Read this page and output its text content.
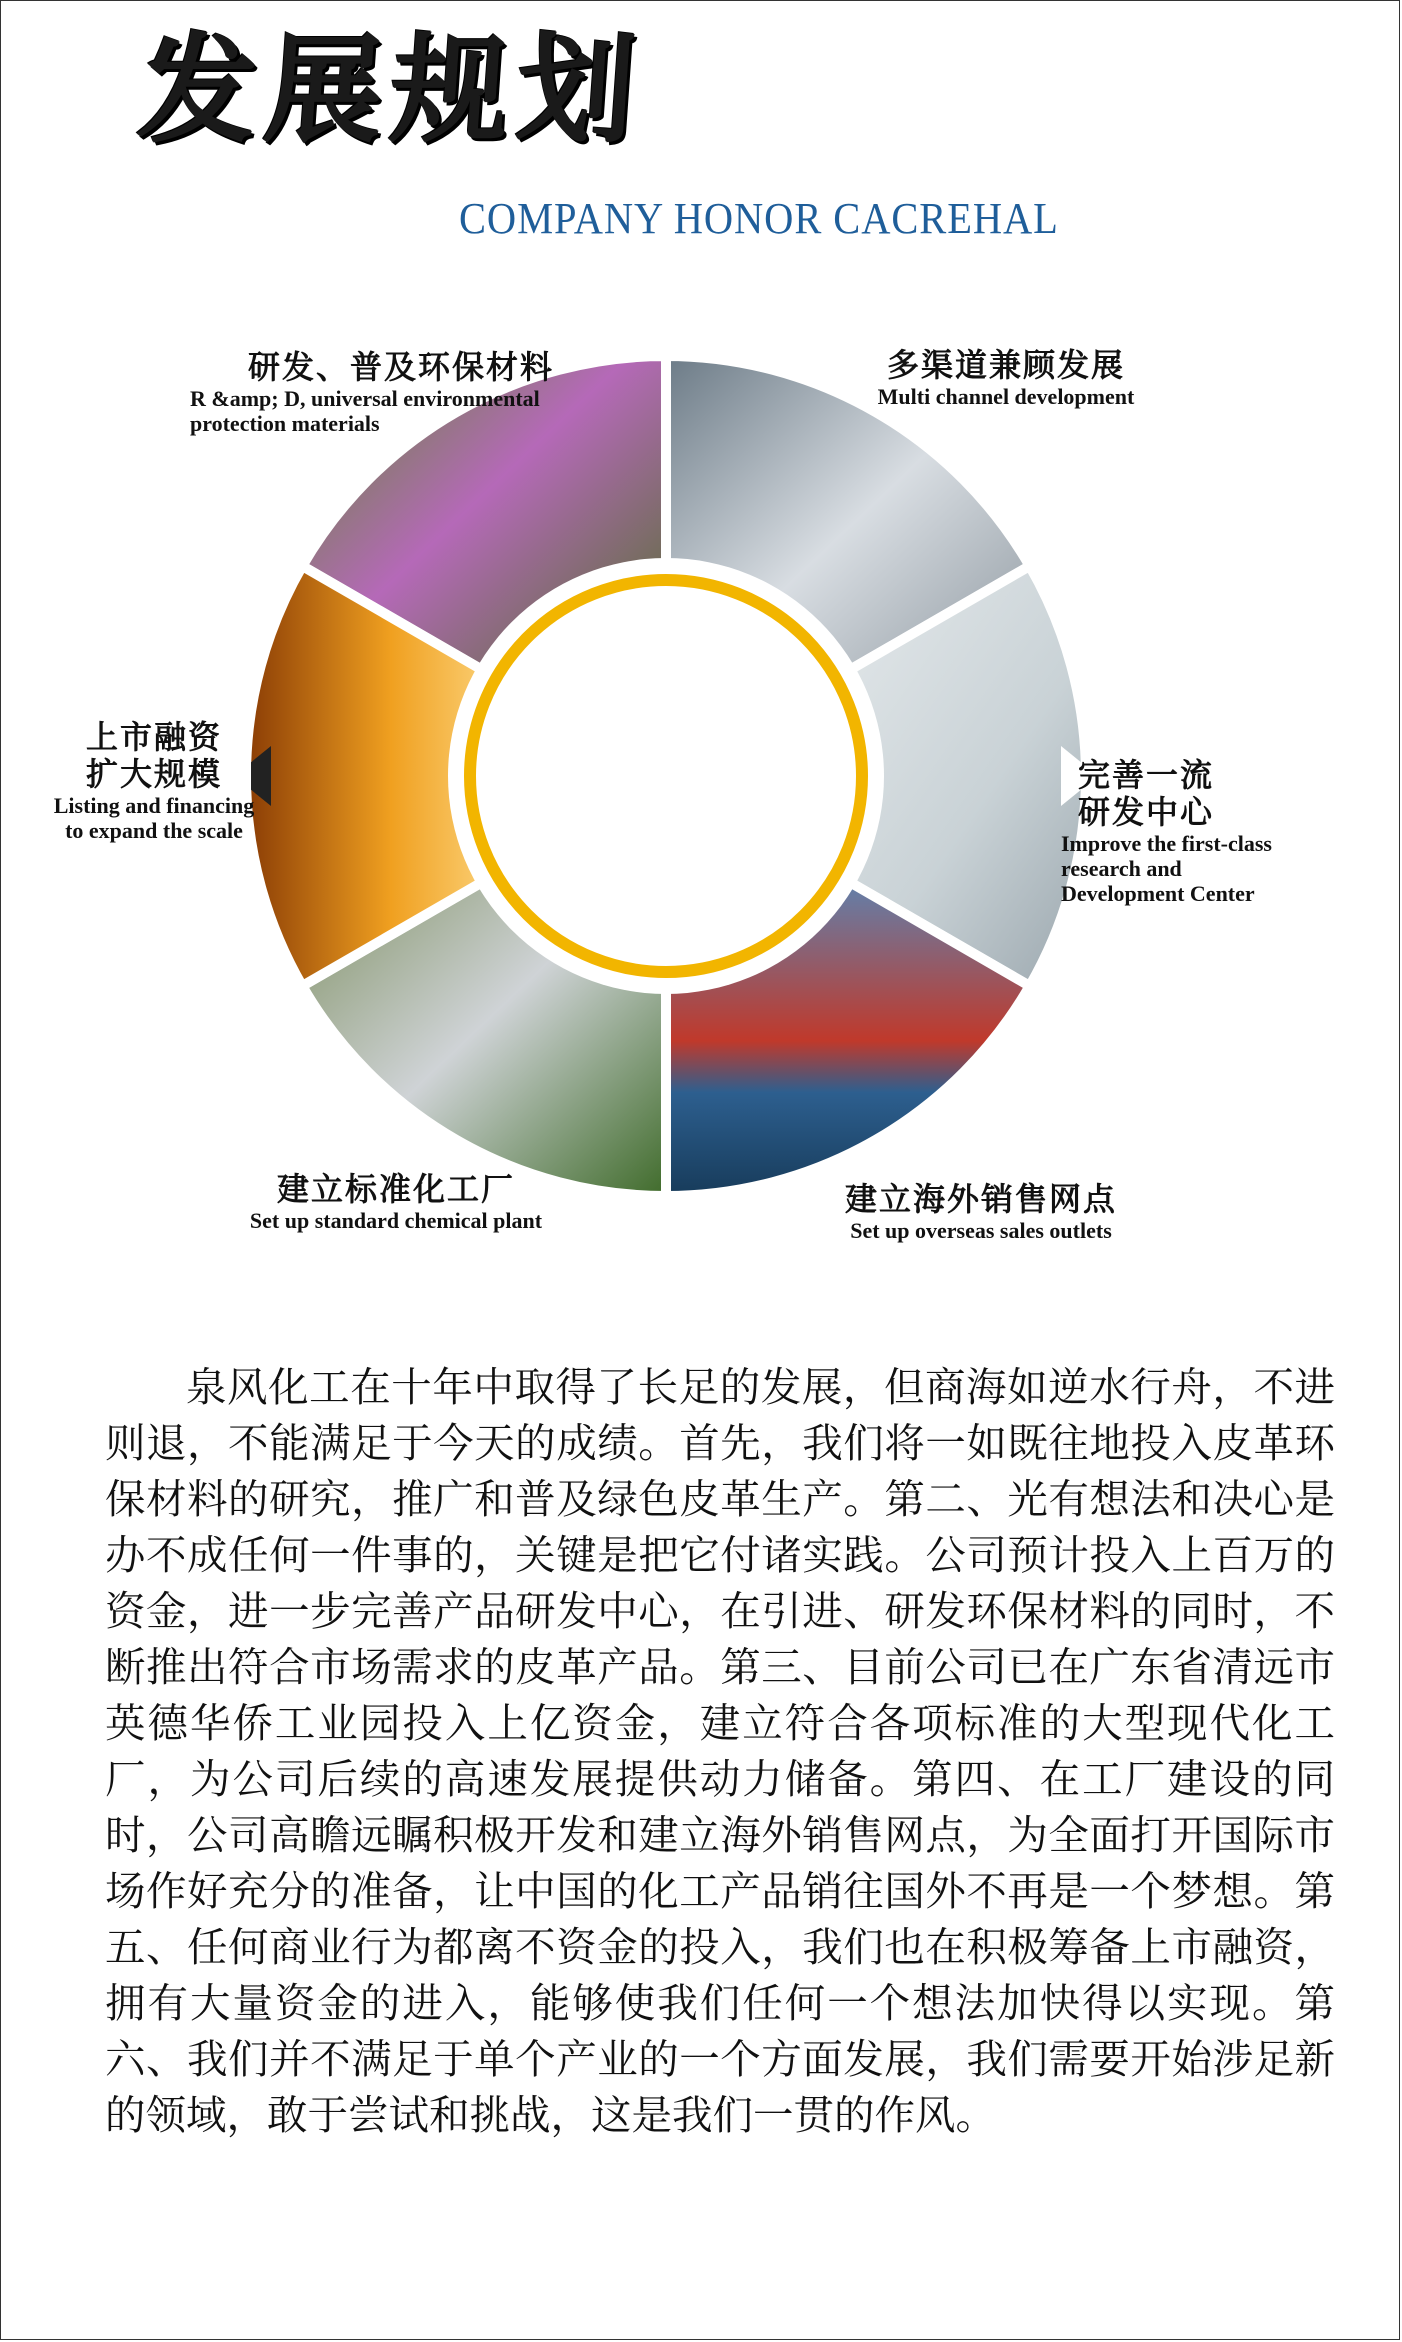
发展规划
COMPANY HONOR CACREHAL
研发、普及环保材料
R &amp; D, universal environmental protection materials
多渠道兼顾发展
Multi channel development
上市融资
扩大规模
Listing and financing
to expand the scale
完善一流
研发中心
Improve the first-class
research and
Development Center
建立标准化工厂
Set up standard chemical plant
建立海外销售网点
Set up overseas sales outlets
泉风化工在十年中取得了长足的发展，但商海如逆水行舟，不进则退，不能满足于今天的成绩。首先，我们将一如既往地投入皮革环保材料的研究，推广和普及绿色皮革生产。第二、光有想法和决心是办不成任何一件事的，关键是把它付诸实践。公司预计投入上百万的资金，进一步完善产品研发中心，在引进、研发环保材料的同时，不断推出符合市场需求的皮革产品。第三、目前公司已在广东省清远市英德华侨工业园投入上亿资金，建立符合各项标准的大型现代化工厂，为公司后续的高速发展提供动力储备。第四、在工厂建设的同时，公司高瞻远瞩积极开发和建立海外销售网点，为全面打开国际市场作好充分的准备，让中国的化工产品销往国外不再是一个梦想。第五、任何商业行为都离不资金的投入，我们也在积极筹备上市融资，拥有大量资金的进入，能够使我们任何一个想法加快得以实现。第六、我们并不满足于单个产业的一个方面发展，我们需要开始涉足新的领域，敢于尝试和挑战，这是我们一贯的作风。
